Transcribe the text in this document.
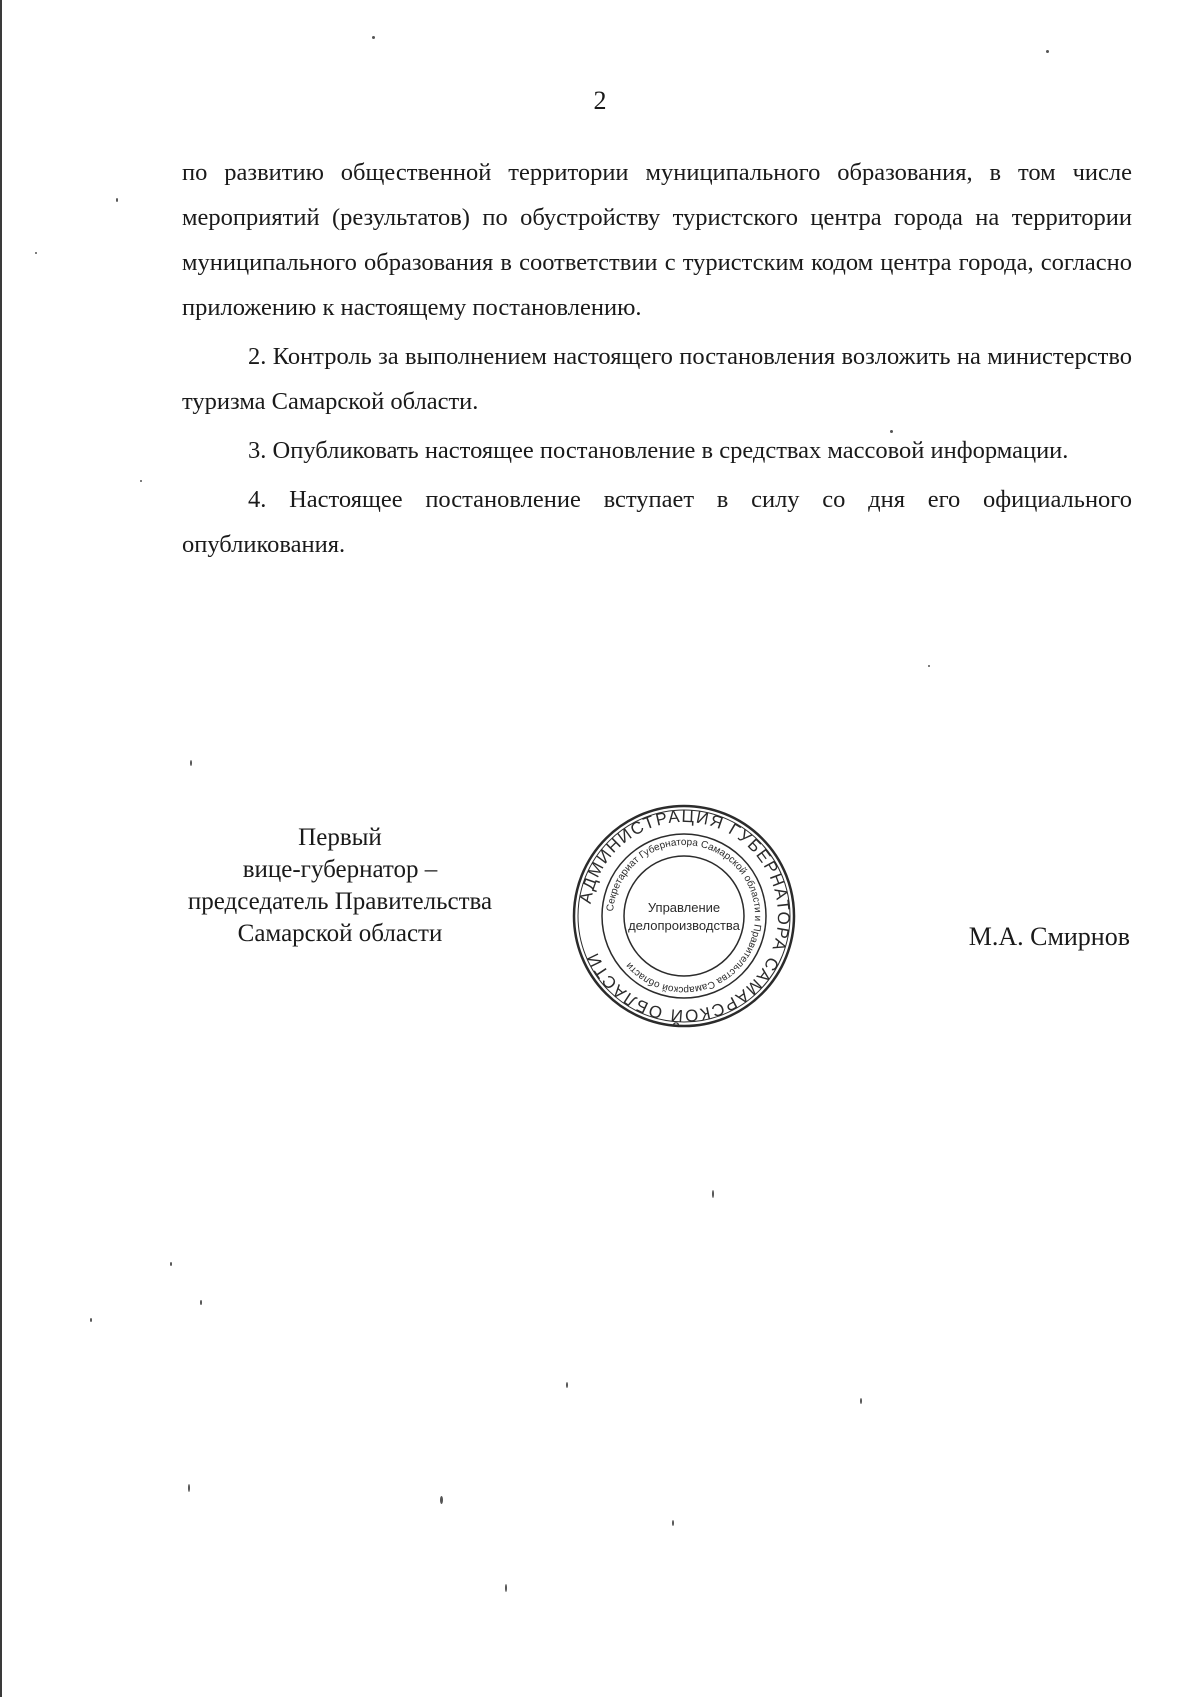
2

по развитию общественной территории муниципального образования, в том числе мероприятий (результатов) по обустройству туристского центра города на территории муниципального образования в соответствии с туристским кодом центра города, согласно приложению к настоящему постановлению.

2. Контроль за выполнением настоящего постановления возложить на министерство туризма Самарской области.

3. Опубликовать настоящее постановление в средствах массовой информации.

4. Настоящее постановление вступает в силу со дня его официального опубликования.

Первый
вице-губернатор –
председатель Правительства
Самарской области
АДМИНИСТРАЦИЯ ГУБЕРНАТОРА САМАРСКОЙ ОБЛАСТИ
Секретариат Губернатора Самарской области и Правительства Самарской области
Управление
делопроизводства	М.А. Смирнов
